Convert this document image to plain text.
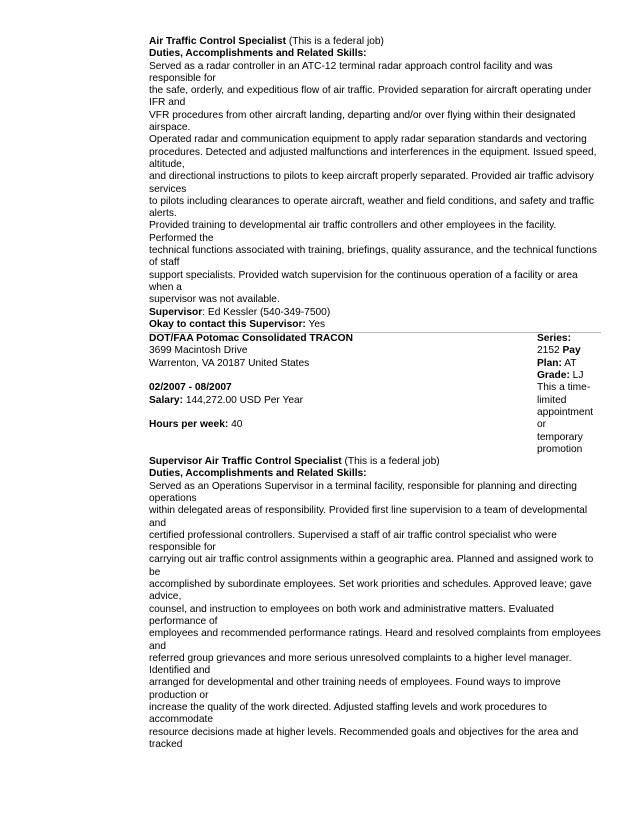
Air Traffic Control Specialist (This is a federal job)
Duties, Accomplishments and Related Skills:
Served as a radar controller in an ATC-12 terminal radar approach control facility and was responsible for
the safe, orderly, and expeditious flow of air traffic. Provided separation for aircraft operating under IFR and
VFR procedures from other aircraft landing, departing and/or over flying within their designated airspace.
Operated radar and communication equipment to apply radar separation standards and vectoring
procedures. Detected and adjusted malfunctions and interferences in the equipment. Issued speed, altitude,
and directional instructions to pilots to keep aircraft properly separated. Provided air traffic advisory services
to pilots including clearances to operate aircraft, weather and field conditions, and safety and traffic alerts.
Provided training to developmental air traffic controllers and other employees in the facility. Performed the
technical functions associated with training, briefings, quality assurance, and the technical functions of staff
support specialists. Provided watch supervision for the continuous operation of a facility or area when a
supervisor was not available.
Supervisor: Ed Kessler (540-349-7500)
Okay to contact this Supervisor: Yes
DOT/FAA Potomac Consolidated TRACON
3699 Macintosh Drive
Warrenton, VA 20187 United States
02/2007 - 08/2007
Salary: 144,272.00 USD Per Year
Hours per week: 40
Series:
2152 Pay
Plan: AT
Grade: LJ
This a time-
limited
appointment
or
temporary
promotion
Supervisor Air Traffic Control Specialist (This is a federal job)
Duties, Accomplishments and Related Skills:
Served as an Operations Supervisor in a terminal facility, responsible for planning and directing operations
within delegated areas of responsibility. Provided first line supervision to a team of developmental and
certified professional controllers. Supervised a staff of air traffic control specialist who were responsible for
carrying out air traffic control assignments within a geographic area. Planned and assigned work to be
accomplished by subordinate employees. Set work priorities and schedules. Approved leave; gave advice,
counsel, and instruction to employees on both work and administrative matters. Evaluated performance of
employees and recommended performance ratings. Heard and resolved complaints from employees and
referred group grievances and more serious unresolved complaints to a higher level manager. Identified and
arranged for developmental and other training needs of employees. Found ways to improve production or
increase the quality of the work directed. Adjusted staffing levels and work procedures to accommodate
resource decisions made at higher levels. Recommended goals and objectives for the area and tracked
